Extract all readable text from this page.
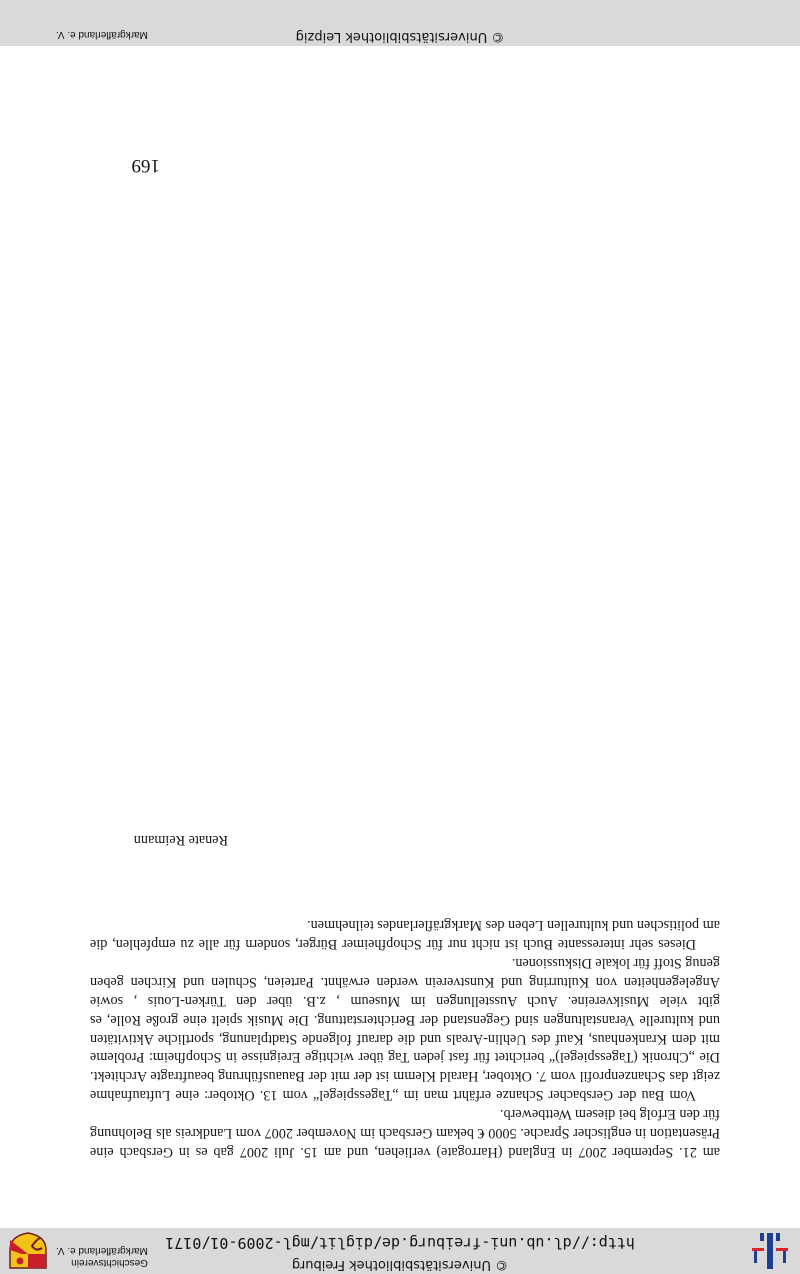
© Universitätsbibliothek Freiburg
http://dl.ub.uni-freiburg.de/diglit/mgl-2009-01/0171
Geschichtsverein
Markgräflerland e. V.

am 21. September 2007 in England (Harrogate) verliehen, und am 15. Juli 2007 gab es in Gersbach eine Präsentation in englischer Sprache. 5000 € bekam Gersbach im November 2007 vom Landkreis als Belohnung für den Erfolg bei diesem Wettbewerb.

Vom Bau der Gersbacher Schanze erfährt man im „Tagesspiegel“ vom 13. Oktober: eine Luftaufnahme zeigt das Schanzenprofil vom 7. Oktober, Harald Klemm ist der mit der Bauausführung beauftragte Architekt. Die „Chronik (Tagesspiegel)“ berichtet für fast jeden Tag über wichtige Ereignisse in Schopfheim: Probleme mit dem Krankenhaus, Kauf des Uehlin-Areals und die darauf folgende Stadtplanung, sportliche Aktivitäten und kulturelle Veranstaltungen sind Gegenstand der Berichterstattung. Die Musik spielt eine große Rolle, es gibt viele Musikvereine. Auch Ausstellungen im Museum , z.B. über den Türken-Louis , sowie Angelegenheiten von Kulturring und Kunstverein werden erwähnt. Parteien, Schulen und Kirchen geben genug Stoff für lokale Diskussionen.

Dieses sehr interessante Buch ist nicht nur für Schopfheimer Bürger, sondern für alle zu empfehlen, die am politischen und kulturellen Leben des Markgräflerlandes teilnehmen.

Renate Reimann
169
© Universitätsbibliothek Leipzig
Markgräflerland e. V.
